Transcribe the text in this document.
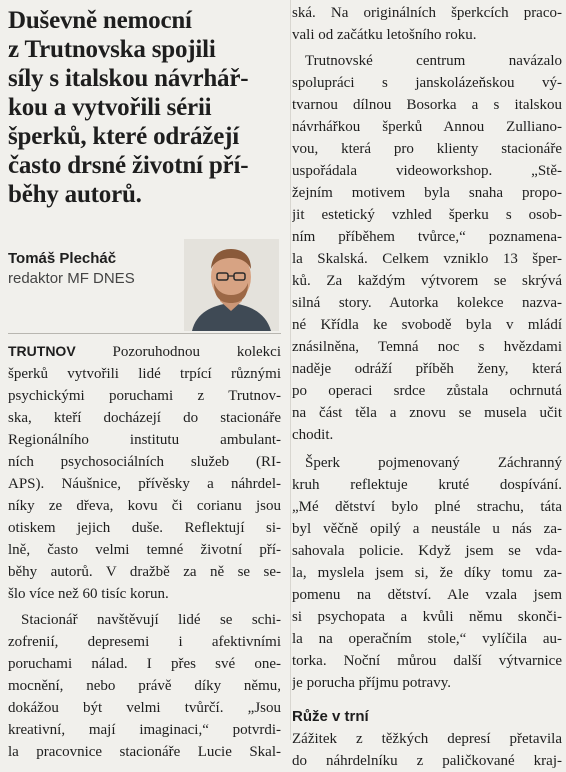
Duševně nemocní
z Trutnovska spojili
síly s italskou návrhář-
kou a vytvořili sérii
šperků, které odrážejí
často drsné životní pří-
běhy autorů.
Tomáš Plecháč
redaktor MF DNES
TRUTNOV Pozoruhodnou kolekci
šperků vytvořili lidé trpící různými
psychickými poruchami z Trutnov-
ska, kteří docházejí do stacionáře
Regionálního institutu ambulant-
ních psychosociálních služeb (RI-
APS). Náušnice, přívěsky a náhrdel-
níky ze dřeva, kovu či corianu jsou
otiskem jejich duše. Reflektují si-
lně, často velmi temné životní pří-
běhy autorů. V dražbě za ně se se-
šlo více než 60 tisíc korun.
Stacionář navštěvují lidé se schi-
zofrenií, depresemi i afektivními
poruchami nálad. I přes své one-
mocnění, nebo právě díky němu,
dokážou být velmi tvůrčí. „Jsou
kreativní, mají imaginaci,“ potvrdi-
la pracovnice stacionáře Lucie Skal-
ská. Na originálních šperkcích praco-
vali od začátku letošního roku.
Trutnovské centrum navázalo
spolupráci s janskolázeňskou vý-
tvarnou dílnou Bosorka a s italskou
návrhářkou šperků Annou Zulliano-
vou, která pro klienty stacionáře
uspořádala videoworkshop. „Stě-
žejním motivem byla snaha propo-
jit estetický vzhled šperku s osob-
ním příběhem tvůrce,“ poznamena-
la Skalská. Celkem vzniklo 13 šper-
ků. Za každým výtvorem se skrývá
silná story. Autorka kolekce nazva-
né Křídla ke svobodě byla v mládí
znásilněna, Temná noc s hvězdami
naděje odráží příběh ženy, která
po operaci srdce zůstala ochrnutá
na část těla a znovu se musela učit
chodit.
Šperk pojmenovaný Záchranný
kruh reflektuje kruté dospívání.
„Mé dětství bylo plné strachu, táta
byl věčně opilý a neustále u nás za-
sahovala policie. Když jsem se vda-
la, myslela jsem si, že díky tomu za-
pomenu na dětství. Ale vzala jsem
si psychopata a kvůli němu skonči-
la na operačním stole,“ vylíčila au-
torka. Noční můrou další výtvarnice
je porucha příjmu potravy.
Růže v trní
Zážitek z těžkých depresí přetavila
do náhrdelníku z paličkované kraj-
